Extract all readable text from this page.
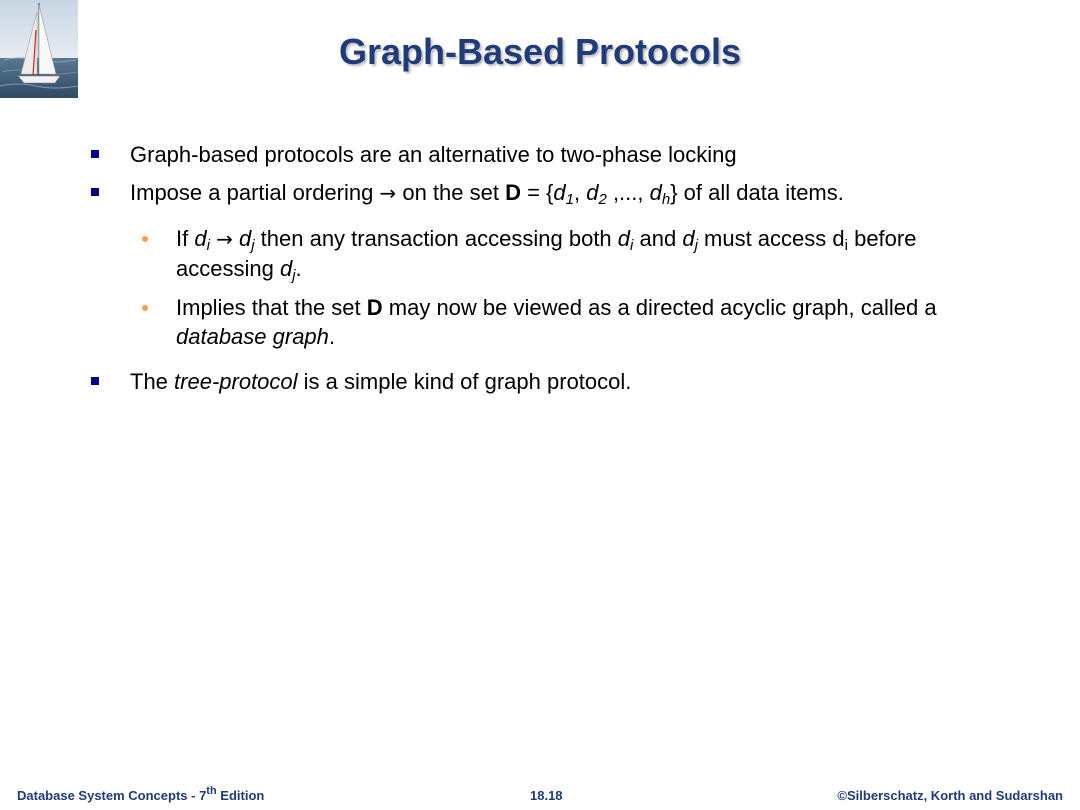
Graph-Based Protocols
Graph-based protocols are an alternative to two-phase locking
Impose a partial ordering → on the set $D = \{d_1$, $d_2$ ,..., $d_h$} of all data items.
If $d_i \to d_j$ then any transaction accessing both $d_i$ and $d_j$ must access $d_i$ before accessing $d_j$.
Implies that the set D may now be viewed as a directed acyclic graph, called a database graph.
The tree-protocol is a simple kind of graph protocol.
Database System Concepts - 7th Edition	18.18	©Silberschatz, Korth and Sudarshan
